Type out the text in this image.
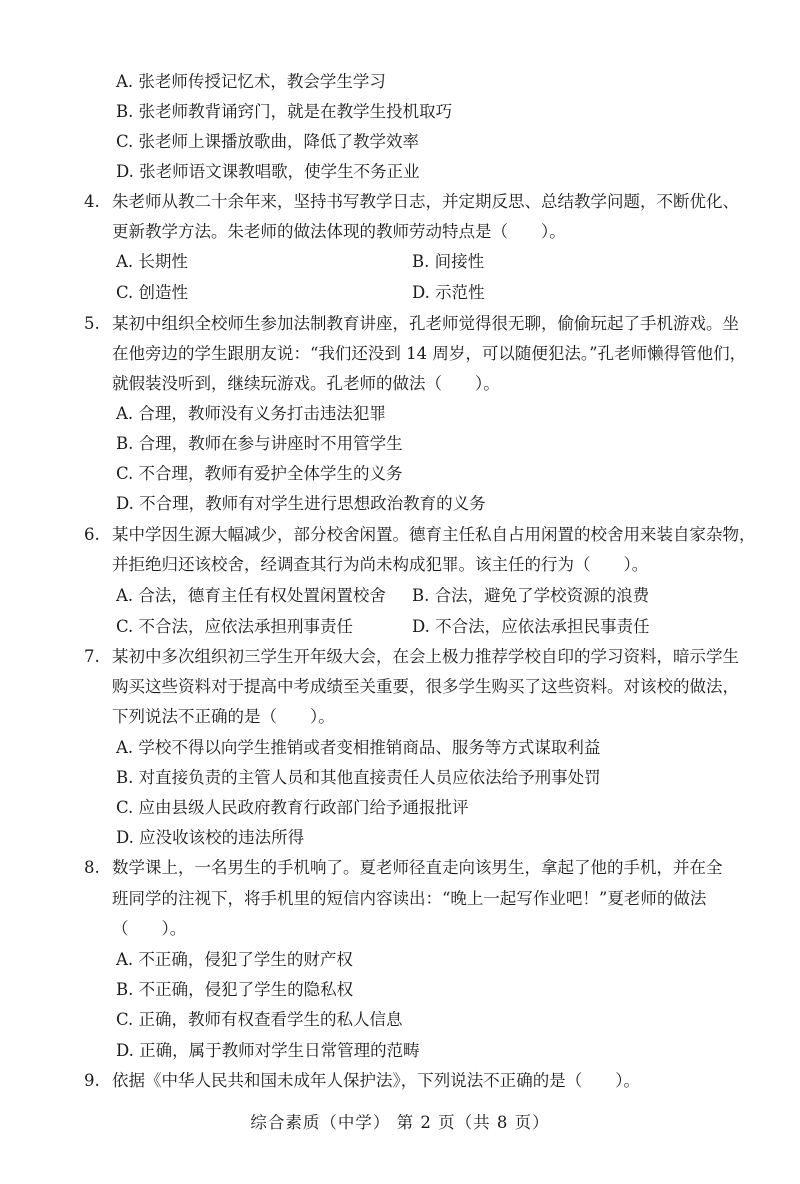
A. 张老师传授记忆术，教会学生学习
B. 张老师教背诵窍门，就是在教学生投机取巧
C. 张老师上课播放歌曲，降低了教学效率
D. 张老师语文课教唱歌，使学生不务正业
4. 朱老师从教二十余年来，坚持书写教学日志，并定期反思、总结教学问题，不断优化、
更新教学方法。朱老师的做法体现的教师劳动特点是（　　）。
A. 长期性	B. 间接性
C. 创造性	D. 示范性
5. 某初中组织全校师生参加法制教育讲座，孔老师觉得很无聊，偷偷玩起了手机游戏。坐
在他旁边的学生跟朋友说：“我们还没到 14 周岁，可以随便犯法。”孔老师懒得管他们，
就假装没听到，继续玩游戏。孔老师的做法（　　）。
A. 合理，教师没有义务打击违法犯罪
B. 合理，教师在参与讲座时不用管学生
C. 不合理，教师有爱护全体学生的义务
D. 不合理，教师有对学生进行思想政治教育的义务
6. 某中学因生源大幅减少，部分校舍闲置。德育主任私自占用闲置的校舍用来装自家杂物，
并拒绝归还该校舍，经调查其行为尚未构成犯罪。该主任的行为（　　）。
A. 合法，德育主任有权处置闲置校舍 B. 合法，避免了学校资源的浪费
C. 不合法，应依法承担刑事责任	D. 不合法，应依法承担民事责任
7. 某初中多次组织初三学生开年级大会，在会上极力推荐学校自印的学习资料，暗示学生
购买这些资料对于提高中考成绩至关重要，很多学生购买了这些资料。对该校的做法，
下列说法不正确的是（　　）。
A. 学校不得以向学生推销或者变相推销商品、服务等方式谋取利益
B. 对直接负责的主管人员和其他直接责任人员应依法给予刑事处罚
C. 应由县级人民政府教育行政部门给予通报批评
D. 应没收该校的违法所得
8. 数学课上，一名男生的手机响了。夏老师径直走向该男生，拿起了他的手机，并在全
班同学的注视下，将手机里的短信内容读出：“晚上一起写作业吧！”夏老师的做法
（　　）。
A. 不正确，侵犯了学生的财产权
B. 不正确，侵犯了学生的隐私权
C. 正确，教师有权查看学生的私人信息
D. 正确，属于教师对学生日常管理的范畴
9. 依据《中华人民共和国未成年人保护法》，下列说法不正确的是（　　）。
综合素质（中学） 第 2 页（共 8 页）
